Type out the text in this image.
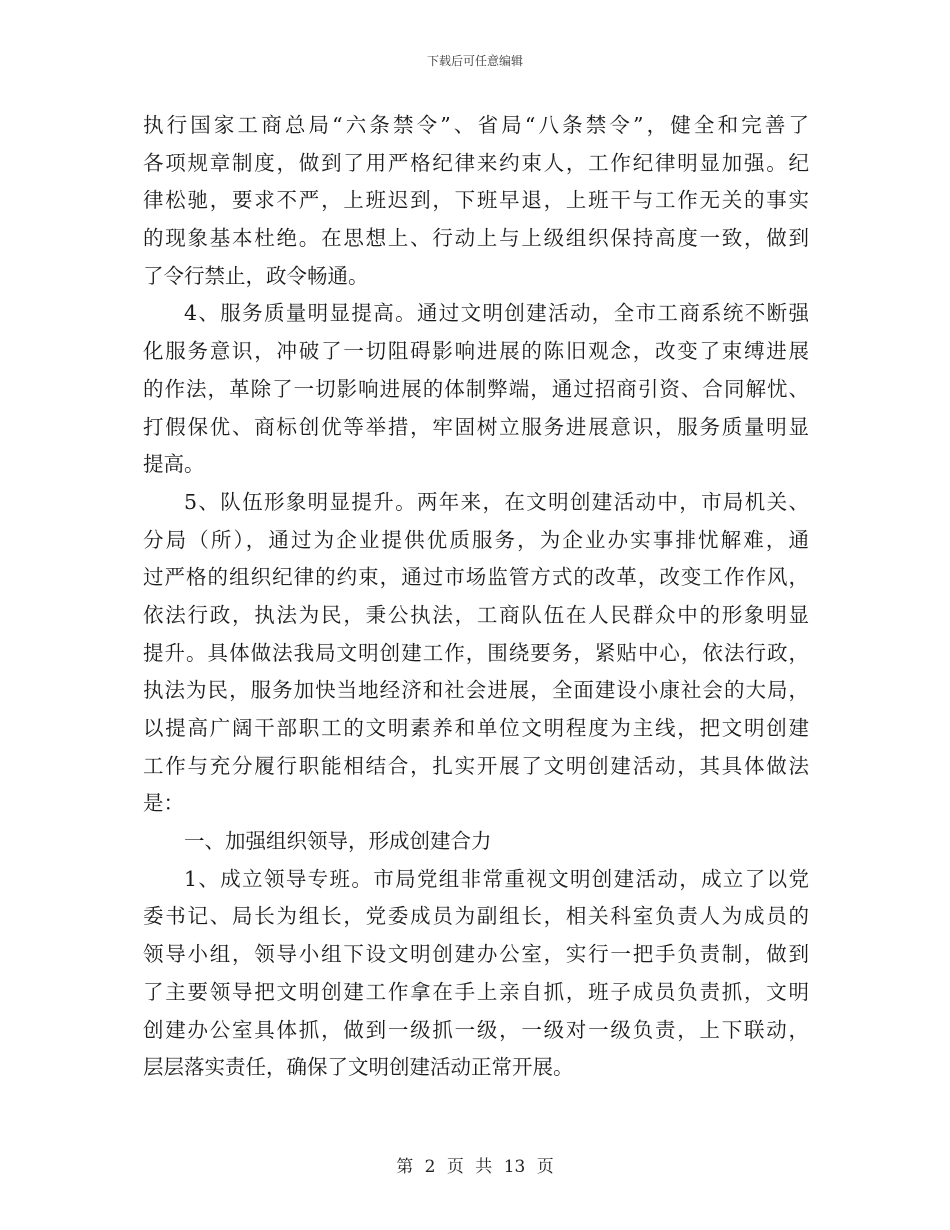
下载后可任意编辑
执行国家工商总局“六条禁令”、省局“八条禁令”，健全和完善了
各项规章制度，做到了用严格纪律来约束人，工作纪律明显加强。纪
律松驰，要求不严，上班迟到，下班早退，上班干与工作无关的事实
的现象基本杜绝。在思想上、行动上与上级组织保持高度一致，做到
了令行禁止，政令畅通。
4、服务质量明显提高。通过文明创建活动，全市工商系统不断强
化服务意识，冲破了一切阻碍影响进展的陈旧观念，改变了束缚进展
的作法，革除了一切影响进展的体制弊端，通过招商引资、合同解忧、
打假保优、商标创优等举措，牢固树立服务进展意识，服务质量明显
提高。
5、队伍形象明显提升。两年来，在文明创建活动中，市局机关、
分局（所），通过为企业提供优质服务，为企业办实事排忧解难，通
过严格的组织纪律的约束，通过市场监管方式的改革，改变工作作风，
依法行政，执法为民，秉公执法，工商队伍在人民群众中的形象明显
提升。具体做法我局文明创建工作，围绕要务，紧贴中心，依法行政，
执法为民，服务加快当地经济和社会进展，全面建设小康社会的大局，
以提高广阔干部职工的文明素养和单位文明程度为主线，把文明创建
工作与充分履行职能相结合，扎实开展了文明创建活动，其具体做法
是：
一、加强组织领导，形成创建合力
1、成立领导专班。市局党组非常重视文明创建活动，成立了以党
委书记、局长为组长，党委成员为副组长，相关科室负责人为成员的
领导小组，领导小组下设文明创建办公室，实行一把手负责制，做到
了主要领导把文明创建工作拿在手上亲自抓，班子成员负责抓，文明
创建办公室具体抓，做到一级抓一级，一级对一级负责，上下联动，
层层落实责任，确保了文明创建活动正常开展。
第 2 页 共 13 页
